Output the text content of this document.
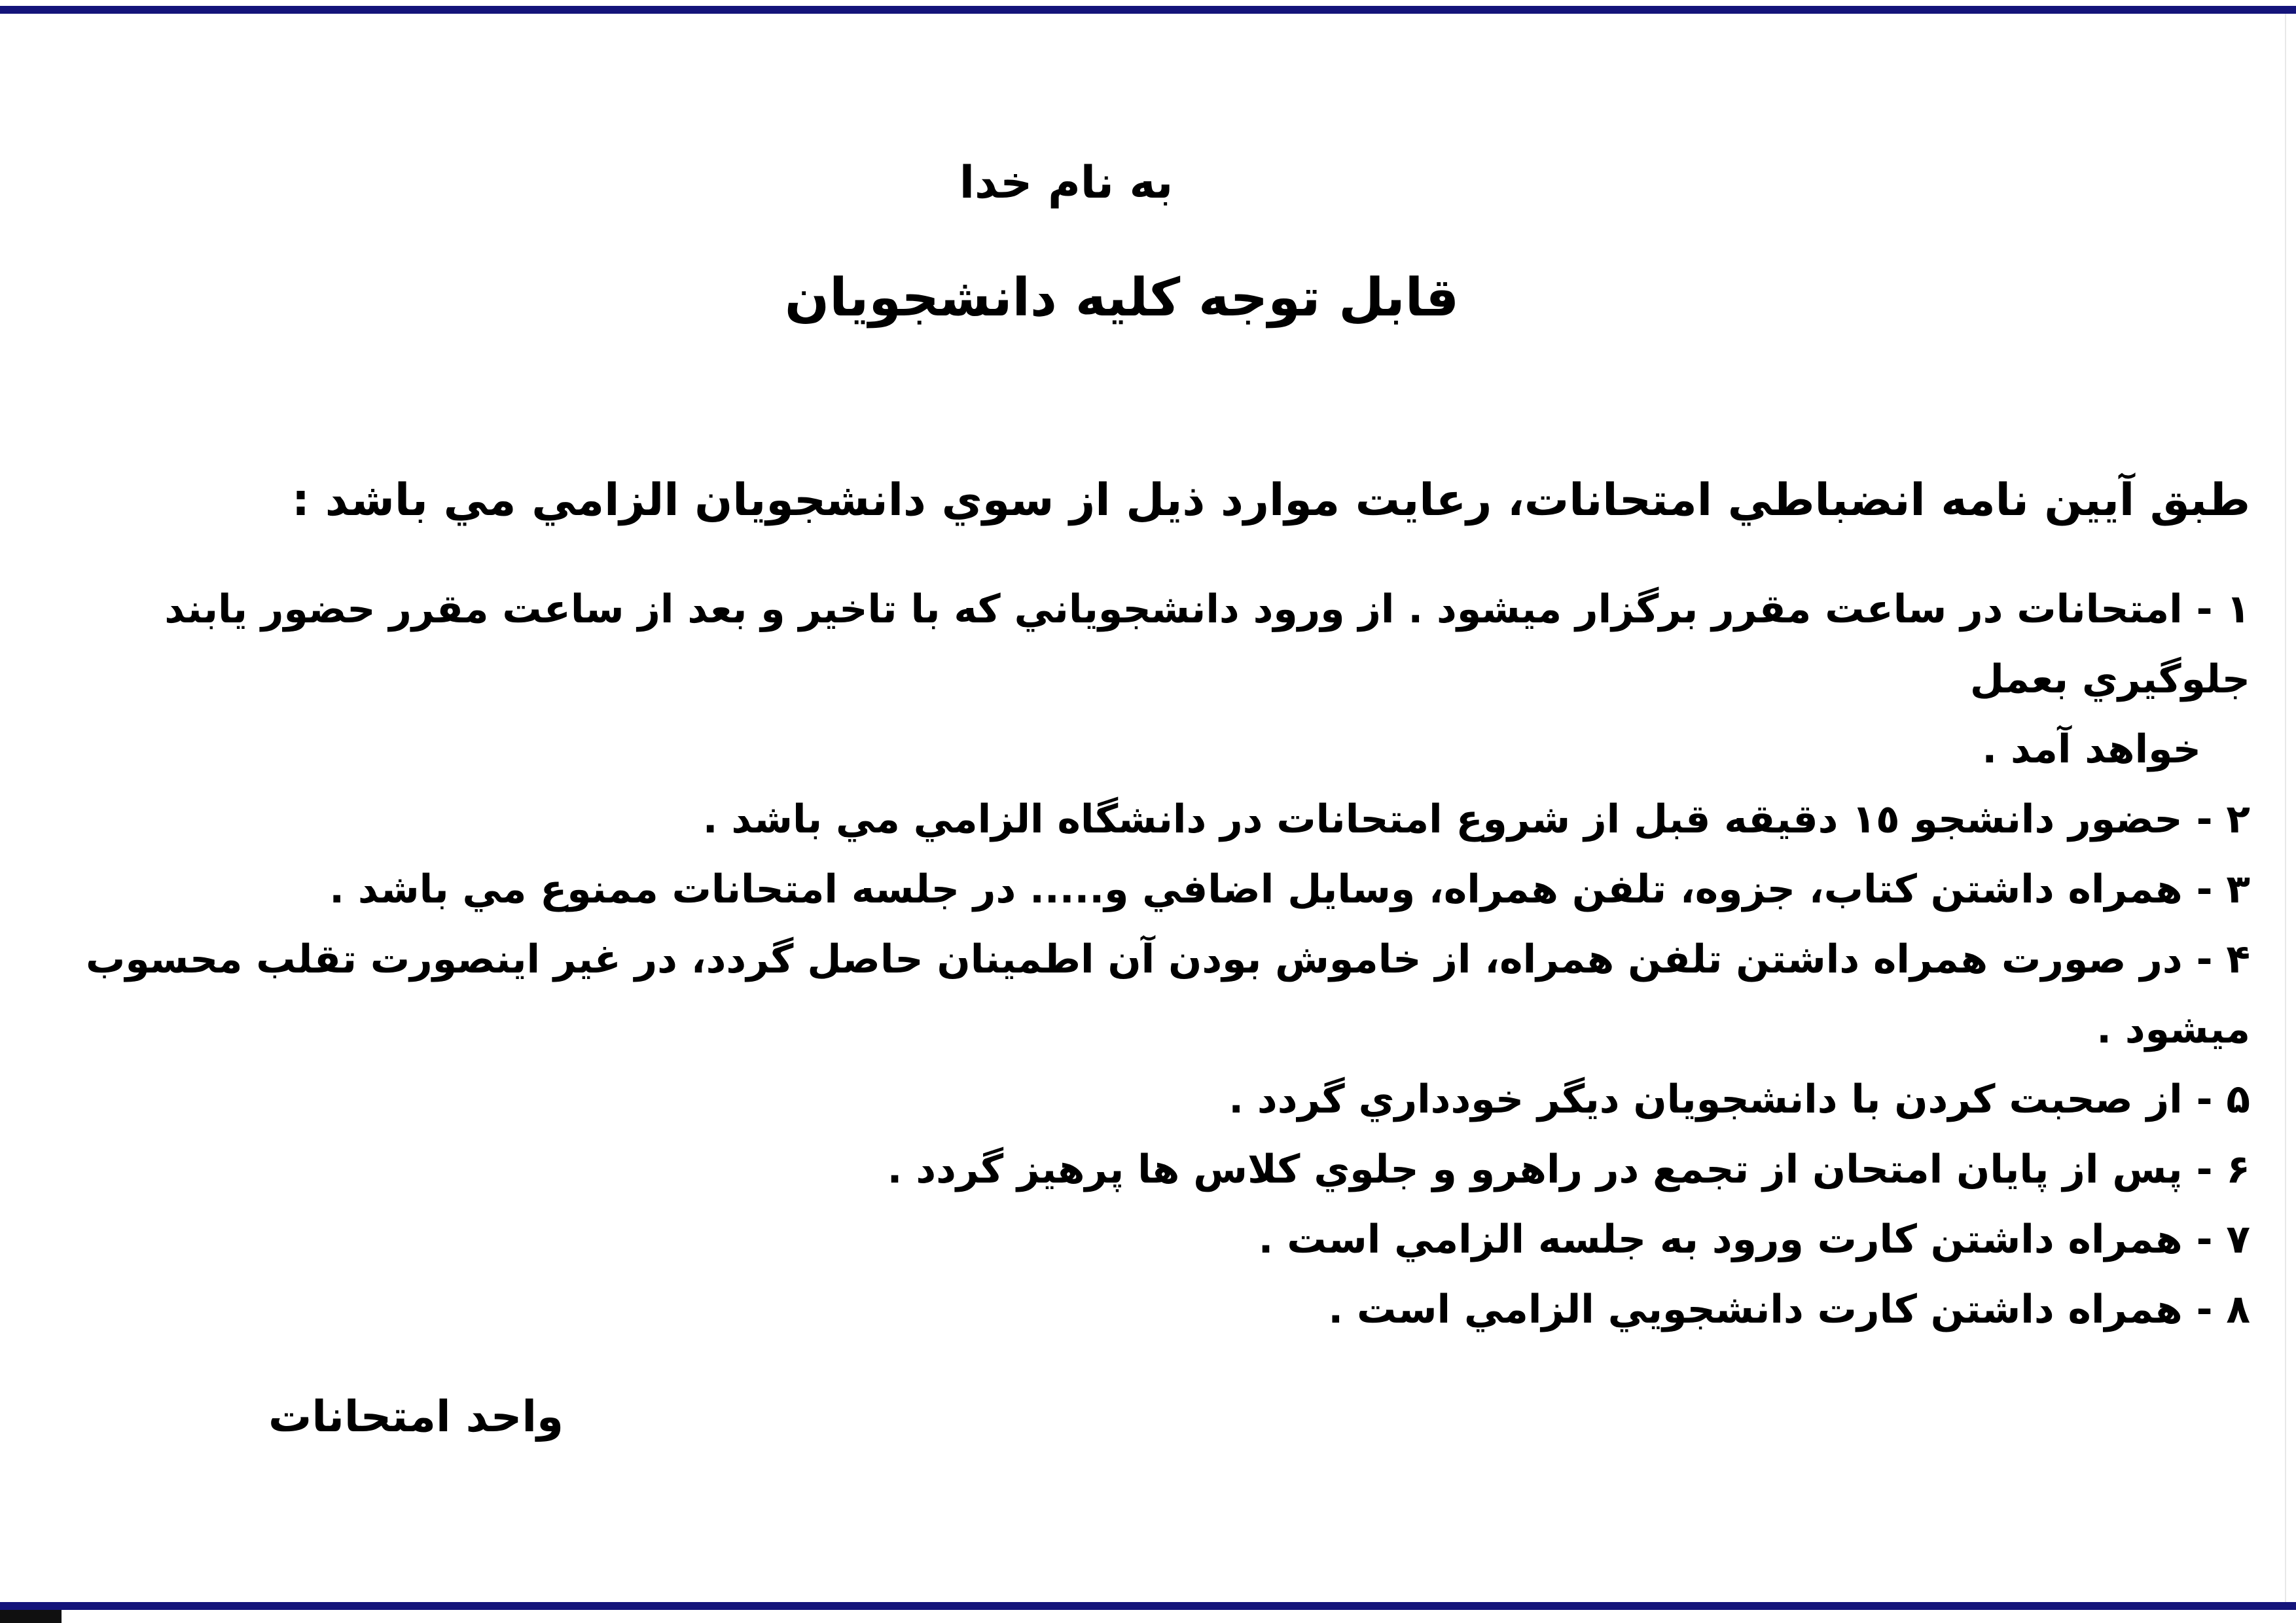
به نام خدا
قابل توجه كليه دانشجويان
طبق آيين نامه انضباطي امتحانات، رعايت موارد ذيل از سوي دانشجويان الزامي مي باشد :
١ - امتحانات در ساعت مقرر برگزار ميشود . از ورود دانشجوياني كه با تاخير و بعد از ساعت مقرر حضور يابند جلوگيري بعمل
خواهد آمد .
٢ - حضور دانشجو ١٥ دقيقه قبل از شروع امتحانات در دانشگاه الزامي مي باشد .
٣ - همراه داشتن كتاب، جزوه، تلفن همراه، وسايل اضافي و..... در جلسه امتحانات ممنوع مي باشد .
۴ - در صورت همراه داشتن تلفن همراه، از خاموش بودن آن اطمينان حاصل گردد، در غير اينصورت تقلب محسوب ميشود .
۵ - از صحبت كردن با دانشجويان ديگر خودداري گردد .
۶ - پس از پايان امتحان از تجمع در راهرو و جلوي كلاس ها پرهيز گردد .
٧ - همراه داشتن كارت ورود به جلسه الزامي است .
٨ - همراه داشتن كارت دانشجويي الزامي است .
واحد امتحانات
